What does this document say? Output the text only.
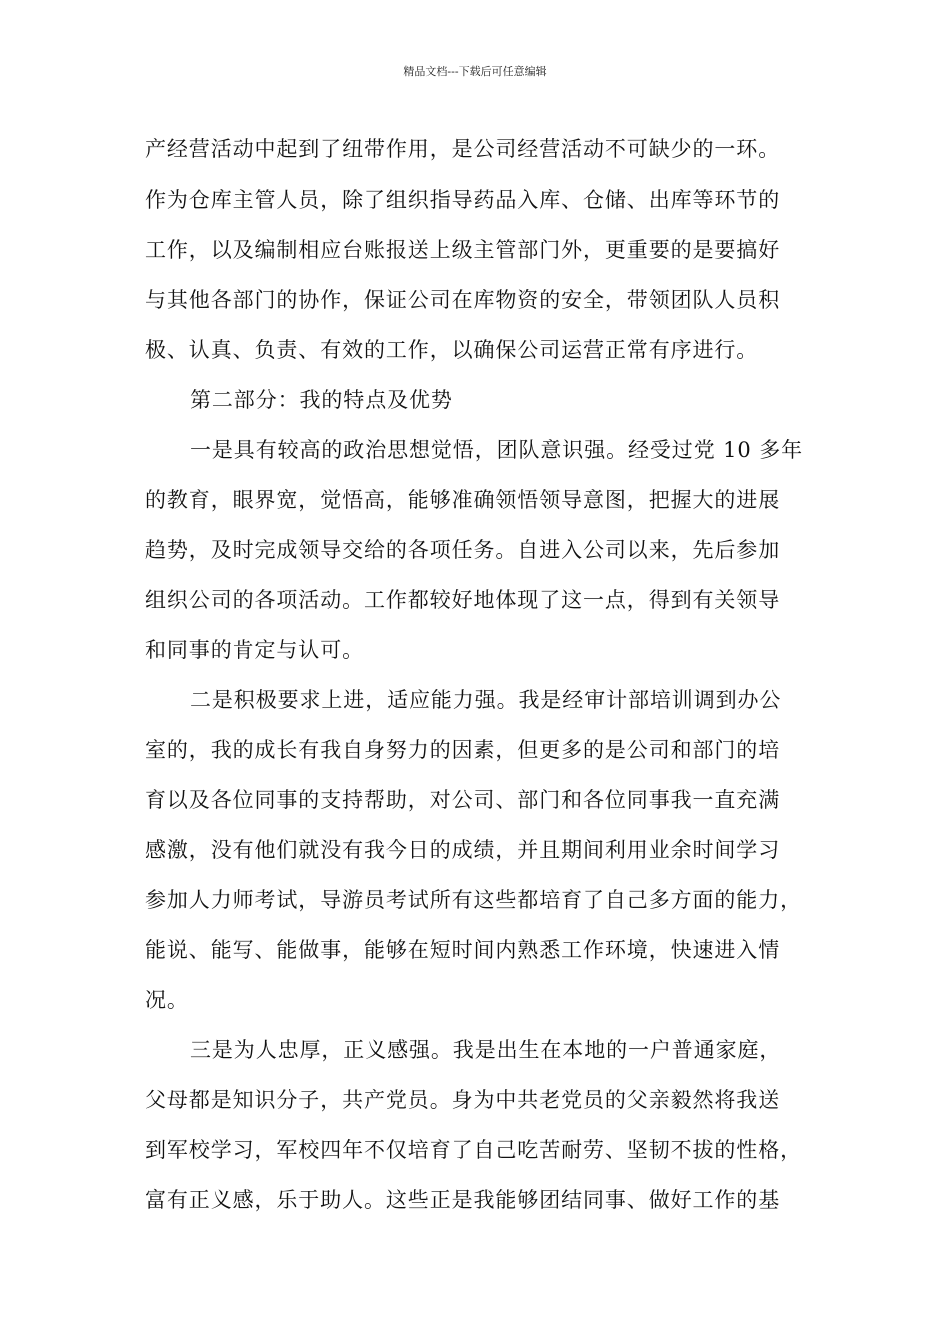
精品文档---下载后可任意编辑
产经营活动中起到了纽带作用，是公司经营活动不可缺少的一环。
作为仓库主管人员，除了组织指导药品入库、仓储、出库等环节的
工作，以及编制相应台账报送上级主管部门外，更重要的是要搞好
与其他各部门的协作，保证公司在库物资的安全，带领团队人员积
极、认真、负责、有效的工作，以确保公司运营正常有序进行。
第二部分：我的特点及优势
一是具有较高的政治思想觉悟，团队意识强。经受过党 10 多年
的教育，眼界宽，觉悟高，能够准确领悟领导意图，把握大的进展
趋势，及时完成领导交给的各项任务。自进入公司以来，先后参加
组织公司的各项活动。工作都较好地体现了这一点，得到有关领导
和同事的肯定与认可。
二是积极要求上进，适应能力强。我是经审计部培训调到办公
室的，我的成长有我自身努力的因素，但更多的是公司和部门的培
育以及各位同事的支持帮助，对公司、部门和各位同事我一直充满
感激，没有他们就没有我今日的成绩，并且期间利用业余时间学习
参加人力师考试，导游员考试所有这些都培育了自己多方面的能力，
能说、能写、能做事，能够在短时间内熟悉工作环境，快速进入情
况。
三是为人忠厚，正义感强。我是出生在本地的一户普通家庭，
父母都是知识分子，共产党员。身为中共老党员的父亲毅然将我送
到军校学习，军校四年不仅培育了自己吃苦耐劳、坚韧不拔的性格，
富有正义感，乐于助人。这些正是我能够团结同事、做好工作的基
